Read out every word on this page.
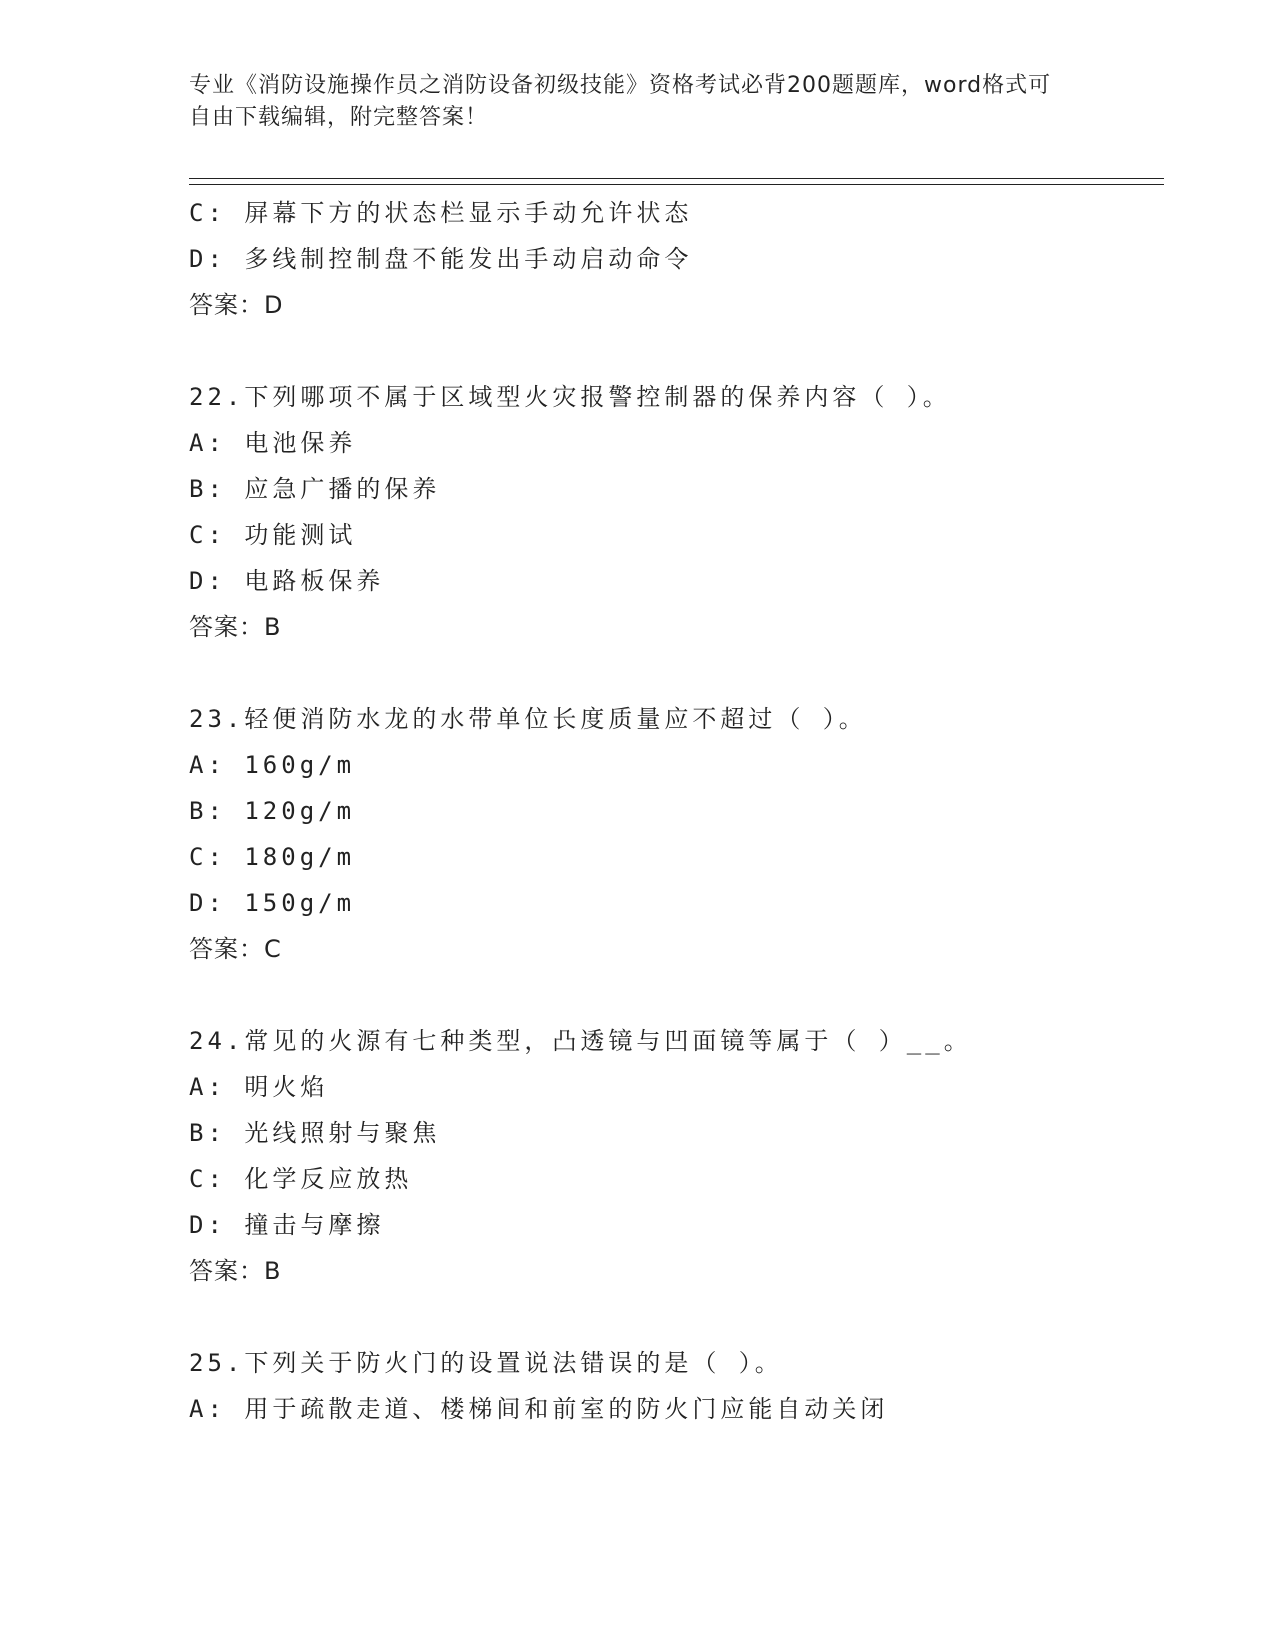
专业《消防设施操作员之消防设备初级技能》资格考试必背200题题库，word格式可自由下载编辑，附完整答案！
C: 屏幕下方的状态栏显示手动允许状态
D: 多线制控制盘不能发出手动启动命令
答案：D
22.下列哪项不属于区域型火灾报警控制器的保养内容（ ）。
A: 电池保养
B: 应急广播的保养
C: 功能测试
D: 电路板保养
答案：B
23.轻便消防水龙的水带单位长度质量应不超过（ ）。
A: 160g/m
B: 120g/m
C: 180g/m
D: 150g/m
答案：C
24.常见的火源有七种类型，凸透镜与凹面镜等属于（ ）__。
A: 明火焰
B: 光线照射与聚焦
C: 化学反应放热
D: 撞击与摩擦
答案：B
25.下列关于防火门的设置说法错误的是（ ）。
A: 用于疏散走道、楼梯间和前室的防火门应能自动关闭
